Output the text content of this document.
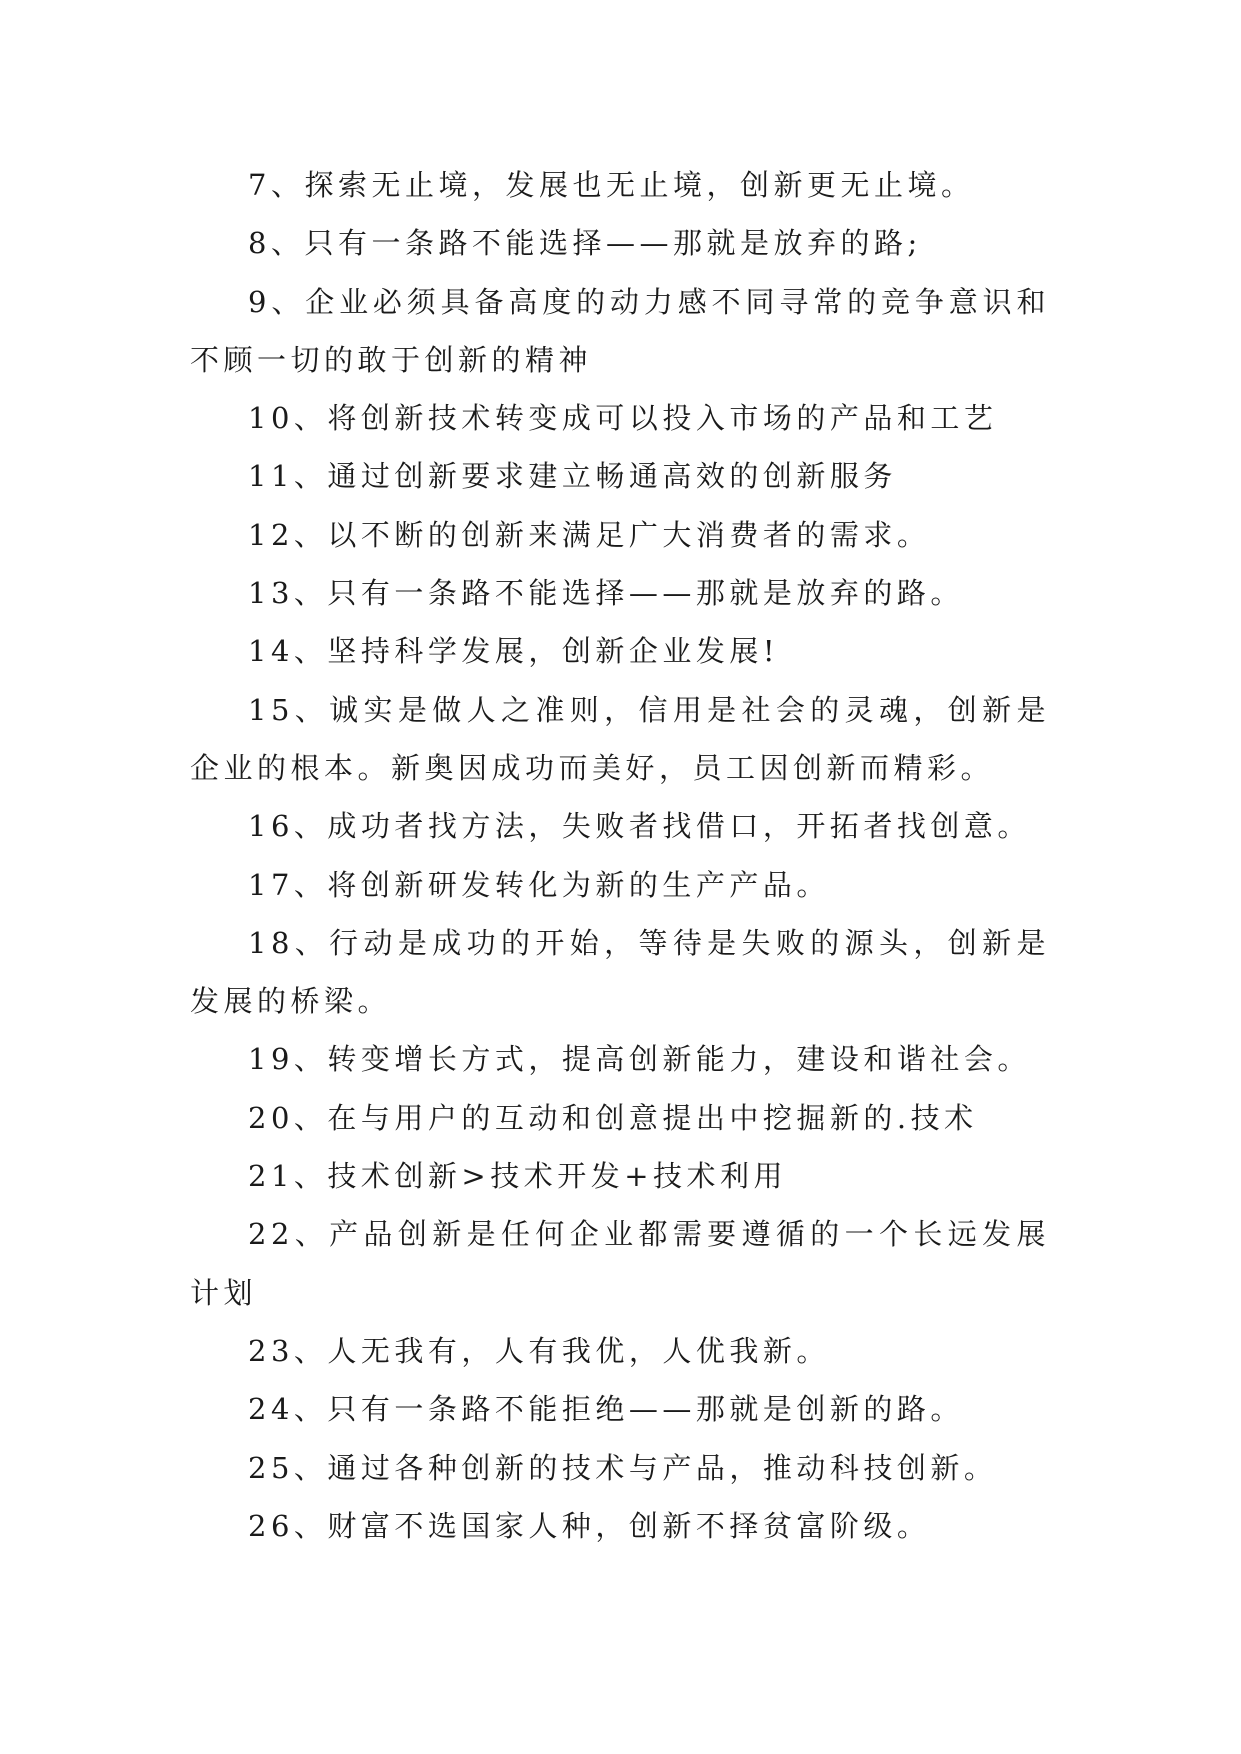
7、探索无止境，发展也无止境，创新更无止境。

8、只有一条路不能选择——那就是放弃的路;

9、企业必须具备高度的动力感不同寻常的竞争意识和不顾一切的敢于创新的精神

10、将创新技术转变成可以投入市场的产品和工艺

11、通过创新要求建立畅通高效的创新服务

12、以不断的创新来满足广大消费者的需求。

13、只有一条路不能选择——那就是放弃的路。

14、坚持科学发展，创新企业发展!

15、诚实是做人之准则，信用是社会的灵魂，创新是企业的根本。新奥因成功而美好，员工因创新而精彩。

16、成功者找方法，失败者找借口，开拓者找创意。

17、将创新研发转化为新的生产产品。

18、行动是成功的开始，等待是失败的源头，创新是发展的桥梁。

19、转变增长方式，提高创新能力，建设和谐社会。

20、在与用户的互动和创意提出中挖掘新的.技术

21、技术创新>技术开发+技术利用

22、产品创新是任何企业都需要遵循的一个长远发展计划

23、人无我有，人有我优，人优我新。

24、只有一条路不能拒绝——那就是创新的路。

25、通过各种创新的技术与产品，推动科技创新。

26、财富不选国家人种，创新不择贫富阶级。
